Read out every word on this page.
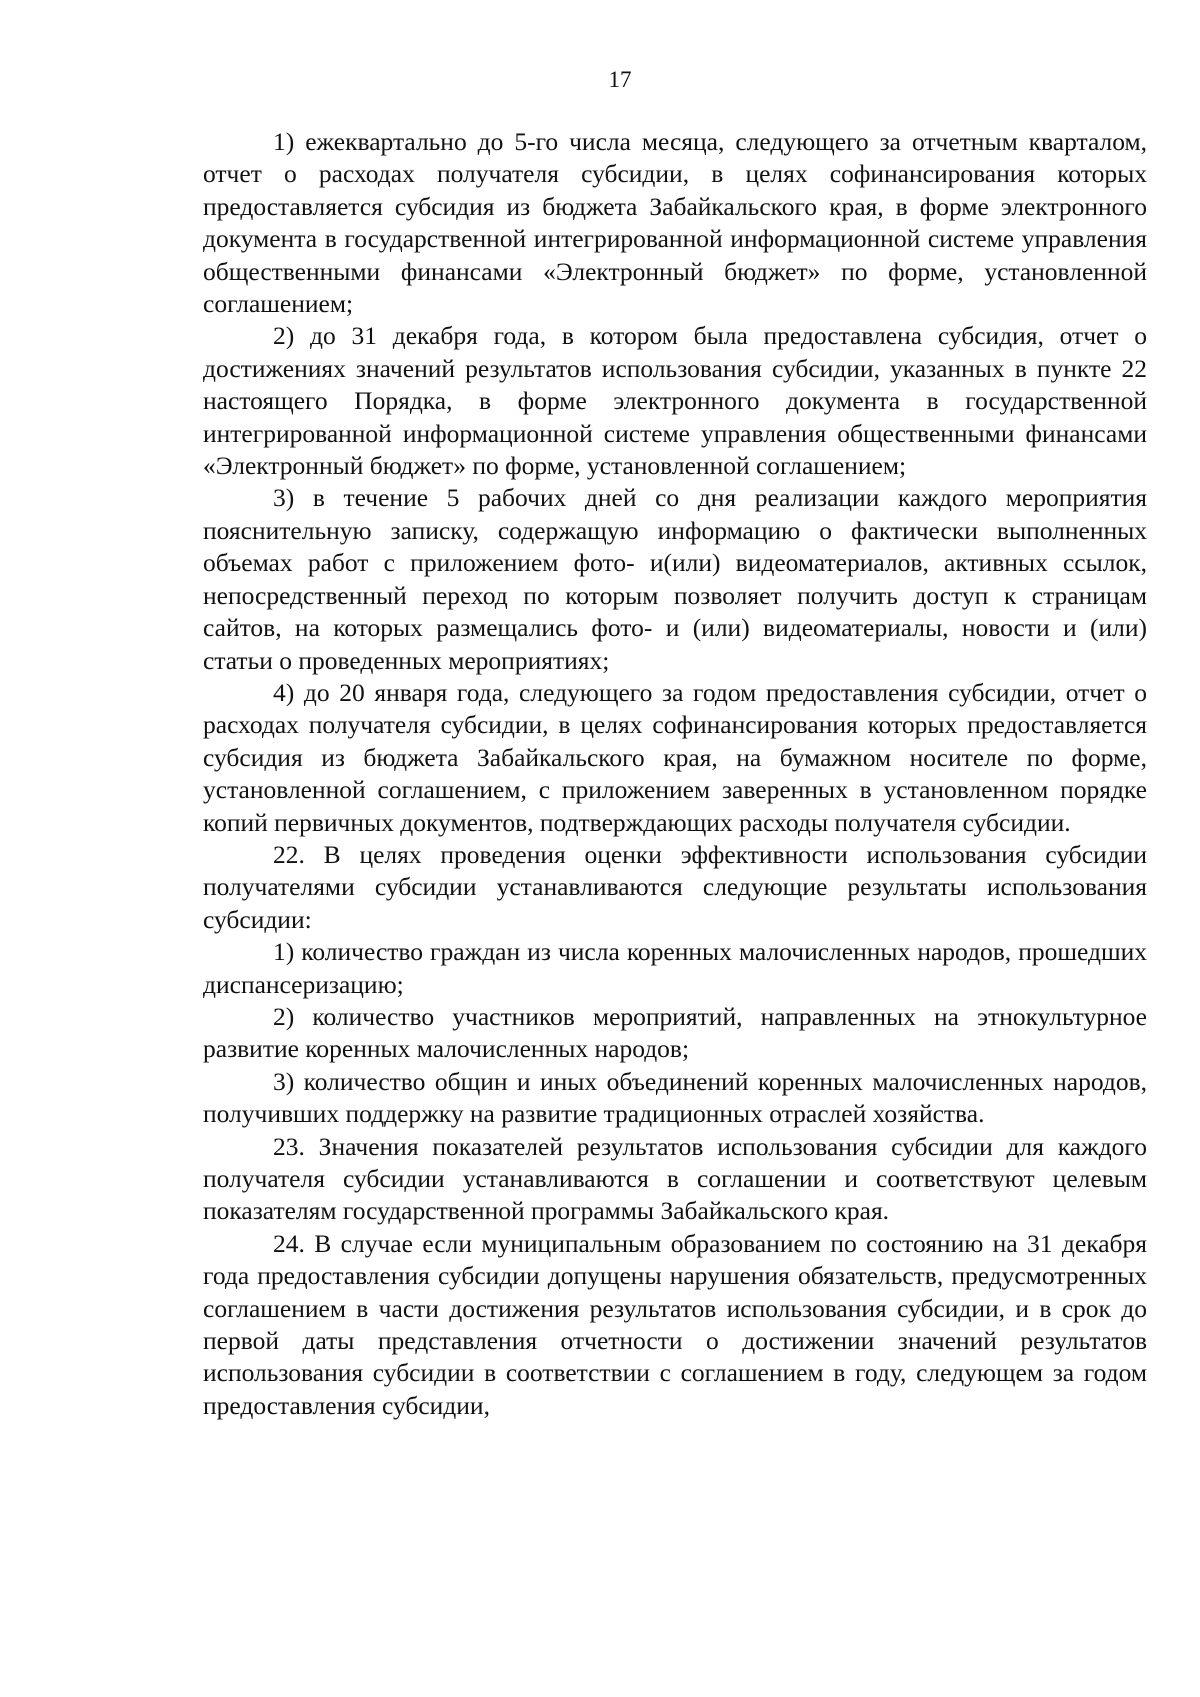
17

1) ежеквартально до 5-го числа месяца, следующего за отчетным кварталом, отчет о расходах получателя субсидии, в целях софинансирования которых предоставляется субсидия из бюджета Забайкальского края, в форме электронного документа в государственной интегрированной информационной системе управления общественными финансами «Электронный бюджет» по форме, установленной соглашением;

2) до 31 декабря года, в котором была предоставлена субсидия, отчет о достижениях значений результатов использования субсидии, указанных в пункте 22 настоящего Порядка, в форме электронного документа в государственной интегрированной информационной системе управления общественными финансами «Электронный бюджет» по форме, установленной соглашением;

3) в течение 5 рабочих дней со дня реализации каждого мероприятия пояснительную записку, содержащую информацию о фактически выполненных объемах работ с приложением фото- и(или) видеоматериалов, активных ссылок, непосредственный переход по которым позволяет получить доступ к страницам сайтов, на которых размещались фото- и (или) видеоматериалы, новости и (или) статьи о проведенных мероприятиях;

4) до 20 января года, следующего за годом предоставления субсидии, отчет о расходах получателя субсидии, в целях софинансирования которых предоставляется субсидия из бюджета Забайкальского края, на бумажном носителе по форме, установленной соглашением, с приложением заверенных в установленном порядке копий первичных документов, подтверждающих расходы получателя субсидии.

22. В целях проведения оценки эффективности использования субсидии получателями субсидии устанавливаются следующие результаты использования субсидии:

1) количество граждан из числа коренных малочисленных народов, прошедших диспансеризацию;

2) количество участников мероприятий, направленных на этнокультурное развитие коренных малочисленных народов;

3) количество общин и иных объединений коренных малочисленных народов, получивших поддержку на развитие традиционных отраслей хозяйства.

23. Значения показателей результатов использования субсидии для каждого получателя субсидии устанавливаются в соглашении и соответствуют целевым показателям государственной программы Забайкальского края.

24. В случае если муниципальным образованием по состоянию на 31 декабря года предоставления субсидии допущены нарушения обязательств, предусмотренных соглашением в части достижения результатов использования субсидии, и в срок до первой даты представления отчетности о достижении значений результатов использования субсидии в соответствии с соглашением в году, следующем за годом предоставления субсидии,
